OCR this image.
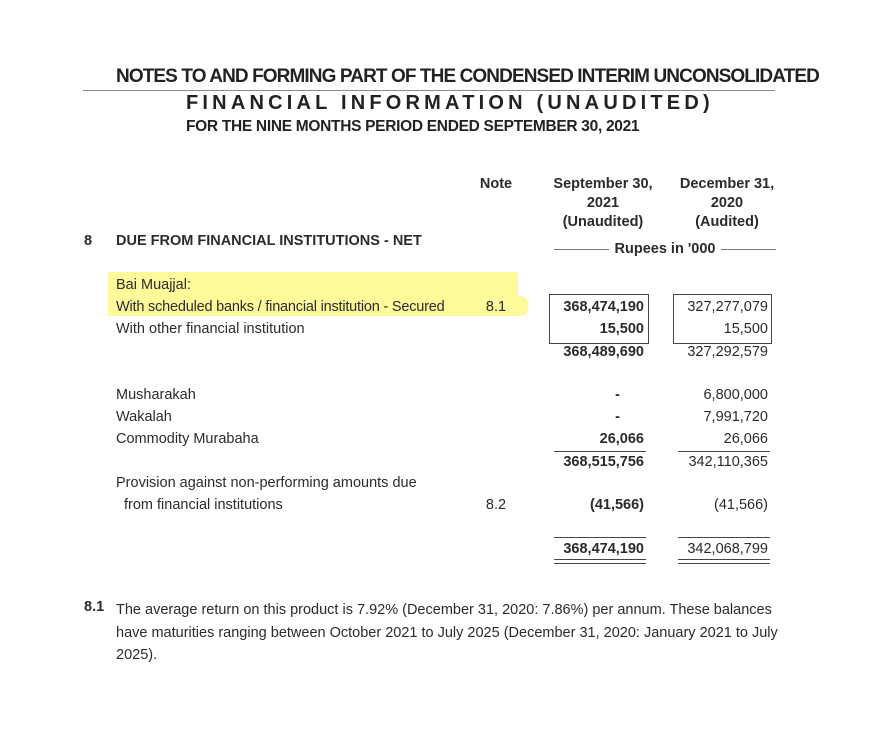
NOTES TO AND FORMING PART OF THE CONDENSED INTERIM UNCONSOLIDATED
FINANCIAL INFORMATION (UNAUDITED)
FOR THE NINE MONTHS PERIOD ENDED SEPTEMBER 30, 2021
Note	September 30,
2021
(Unaudited)
December 31,
2020
(Audited)
8 DUE FROM FINANCIAL INSTITUTIONS - NET	Rupees in '000
Bai Muajjal:
With scheduled banks / financial institution - Secured	8.1	368,474,190	327,277,079
With other financial institution	15,500	15,500
368,489,690	327,292,579
Musharakah	-	6,800,000
Wakalah	-	7,991,720
Commodity Murabaha	26,066	26,066
368,515,756	342,110,365
Provision against non-performing amounts due
from financial institutions	8.2	(41,566)	(41,566)
368,474,190	342,068,799
8.1 The average return on this product is 7.92% (December 31, 2020: 7.86%) per annum. These balances have maturities ranging between October 2021 to July 2025 (December 31, 2020: January 2021 to July 2025).
